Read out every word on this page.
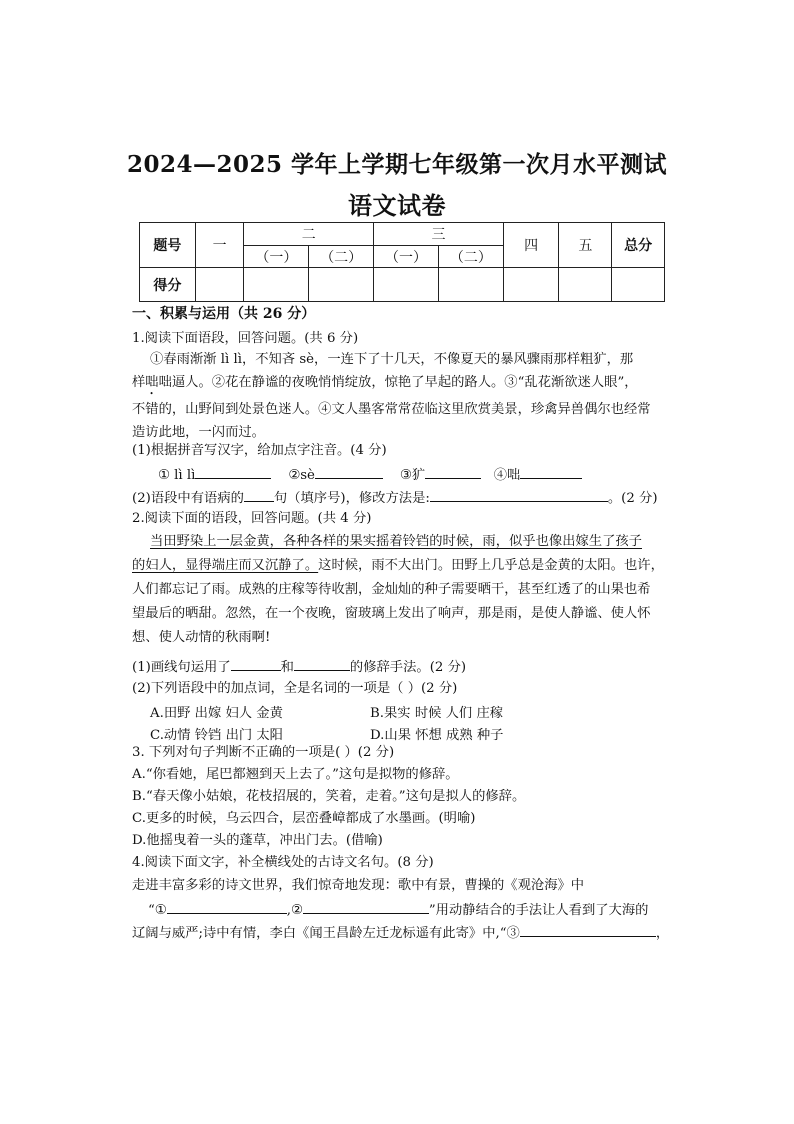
2024—2025 学年上学期七年级第一次月水平测试
语文试卷
题号	一	二		三		四	五	总分
		（一）	（二）	（一）	（二）			
得分								
一、积累与运用（共 26 分）
1.阅读下面语段，回答问题。(共 6 分)
①春雨渐渐 lì lì，不知吝 sè，一连下了十几天，不像夏天的暴风骤雨那样粗犷，那
样咄咄逼人。②花在静谧的夜晚悄悄绽放，惊艳了早起的路人。③“乱花渐欲迷人眼”，
不错的，山野间到处景色迷人。④文人墨客常常莅临这里欣赏美景，珍禽异兽偶尔也经常
造访此地，一闪而过。
(1)根据拼音写汉字，给加点字注音。(4 分)
① lì lì	②sè	③犷	④咄
(2)语段中有语病的 句（填序号)，修改方法是:	。(2 分)
2.阅读下面的语段，回答问题。(共 4 分)
当田野染上一层金黄，各种各样的果实摇着铃铛的时候，雨，似乎也像出嫁生了孩子
的妇人，显得端庄而又沉静了。这时候，雨不大出门。田野上几乎总是金黄的太阳。也许，
人们都忘记了雨。成熟的庄稼等待收割，金灿灿的种子需要晒干，甚至红透了的山果也希
望最后的晒甜。忽然，在一个夜晚，窗玻璃上发出了响声，那是雨，是使人静谧、使人怀
想、使人动情的秋雨啊!
(1)画线句运用了	和	的修辞手法。(2 分)
(2)下列语段中的加点词，全是名词的一项是（ ）(2 分)
A.田野 出嫁 妇人 金黄	B.果实 时候 人们 庄稼
C.动情 铃铛 出门 太阳	D.山果 怀想 成熟 种子
3. 下列对句子判断不正确的一项是( ）(2 分)
A.“你看她，尾巴都翘到天上去了。”这句是拟物的修辞。
B.“春天像小姑娘，花枝招展的，笑着，走着。”这句是拟人的修辞。
C.更多的时候，乌云四合，层峦叠嶂都成了水墨画。(明喻)
D.他摇曳着一头的蓬草，冲出门去。(借喻)
4.阅读下面文字，补全横线处的古诗文名句。(8 分)
走进丰富多彩的诗文世界，我们惊奇地发现：歌中有景，曹操的《观沧海》中
“①	,②	”用动静结合的手法让人看到了大海的
辽阔与威严;诗中有情，李白《闻王昌龄左迁龙标遥有此寄》中,“③	，
